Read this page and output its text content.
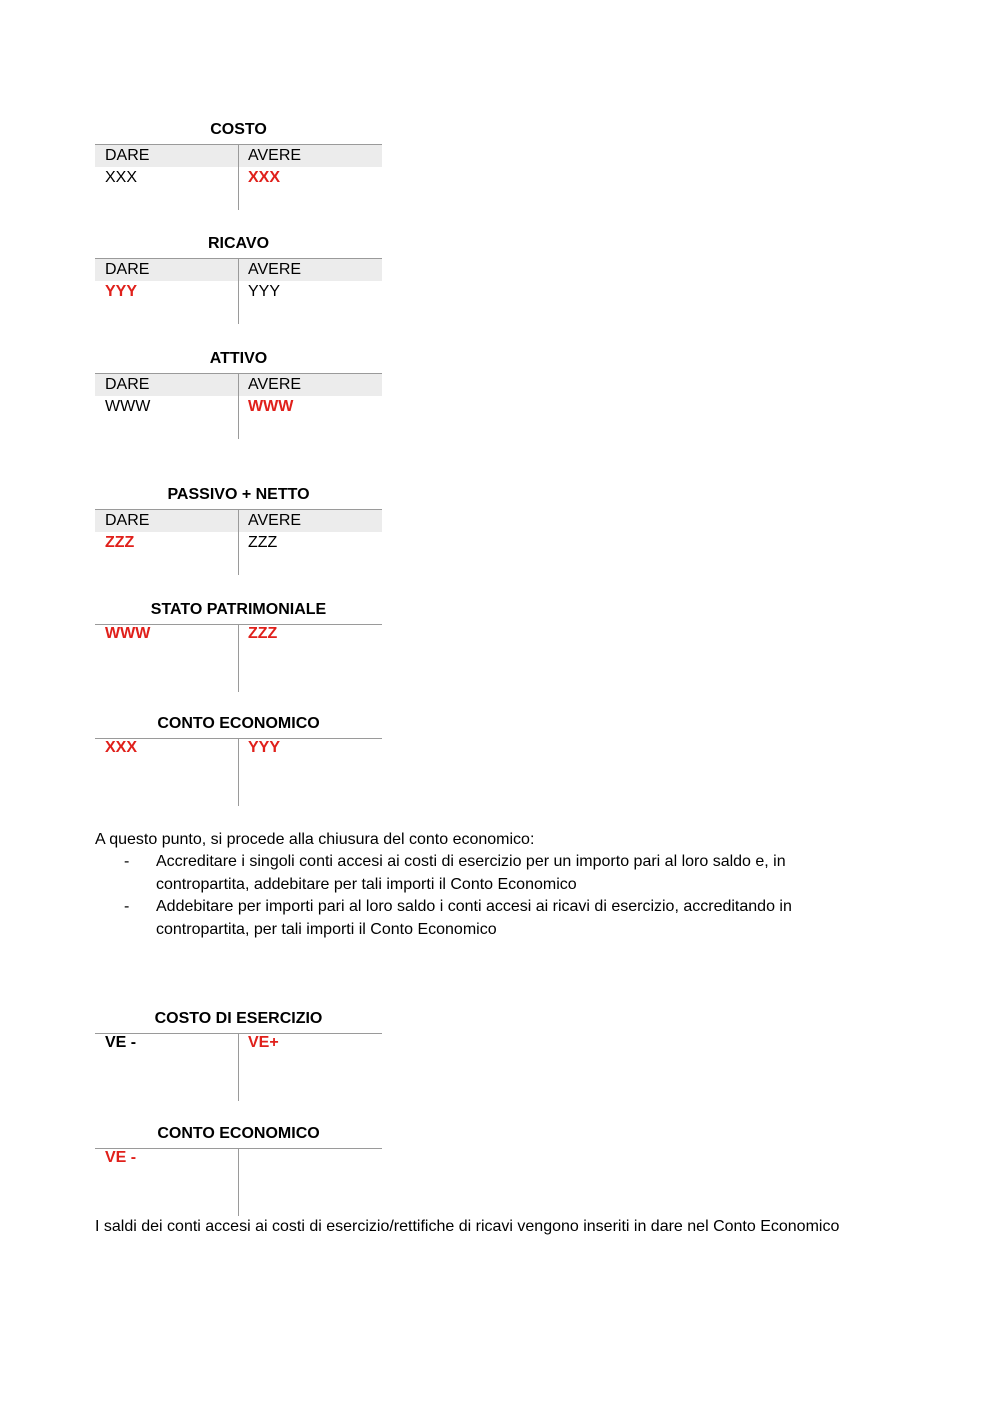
COSTO
DARE	AVERE
XXX	XXX
RICAVO
DARE	AVERE
YYY	YYY
ATTIVO
DARE	AVERE
WWW	WWW
PASSIVO + NETTO
DARE	AVERE
ZZZ	ZZZ
STATO PATRIMONIALE
WWW	ZZZ
CONTO ECONOMICO
XXX	YYY
A questo punto, si procede alla chiusura del conto economico:
- Accreditare i singoli conti accesi ai costi di esercizio per un importo pari al loro saldo e, in contropartita, addebitare per tali importi il Conto Economico
- Addebitare per importi pari al loro saldo i conti accesi ai ricavi di esercizio, accreditando in contropartita, per tali importi il Conto Economico
COSTO DI ESERCIZIO
VE -	VE+
CONTO ECONOMICO
VE -
I saldi dei conti accesi ai costi di esercizio/rettifiche di ricavi vengono inseriti in dare nel Conto Economico
